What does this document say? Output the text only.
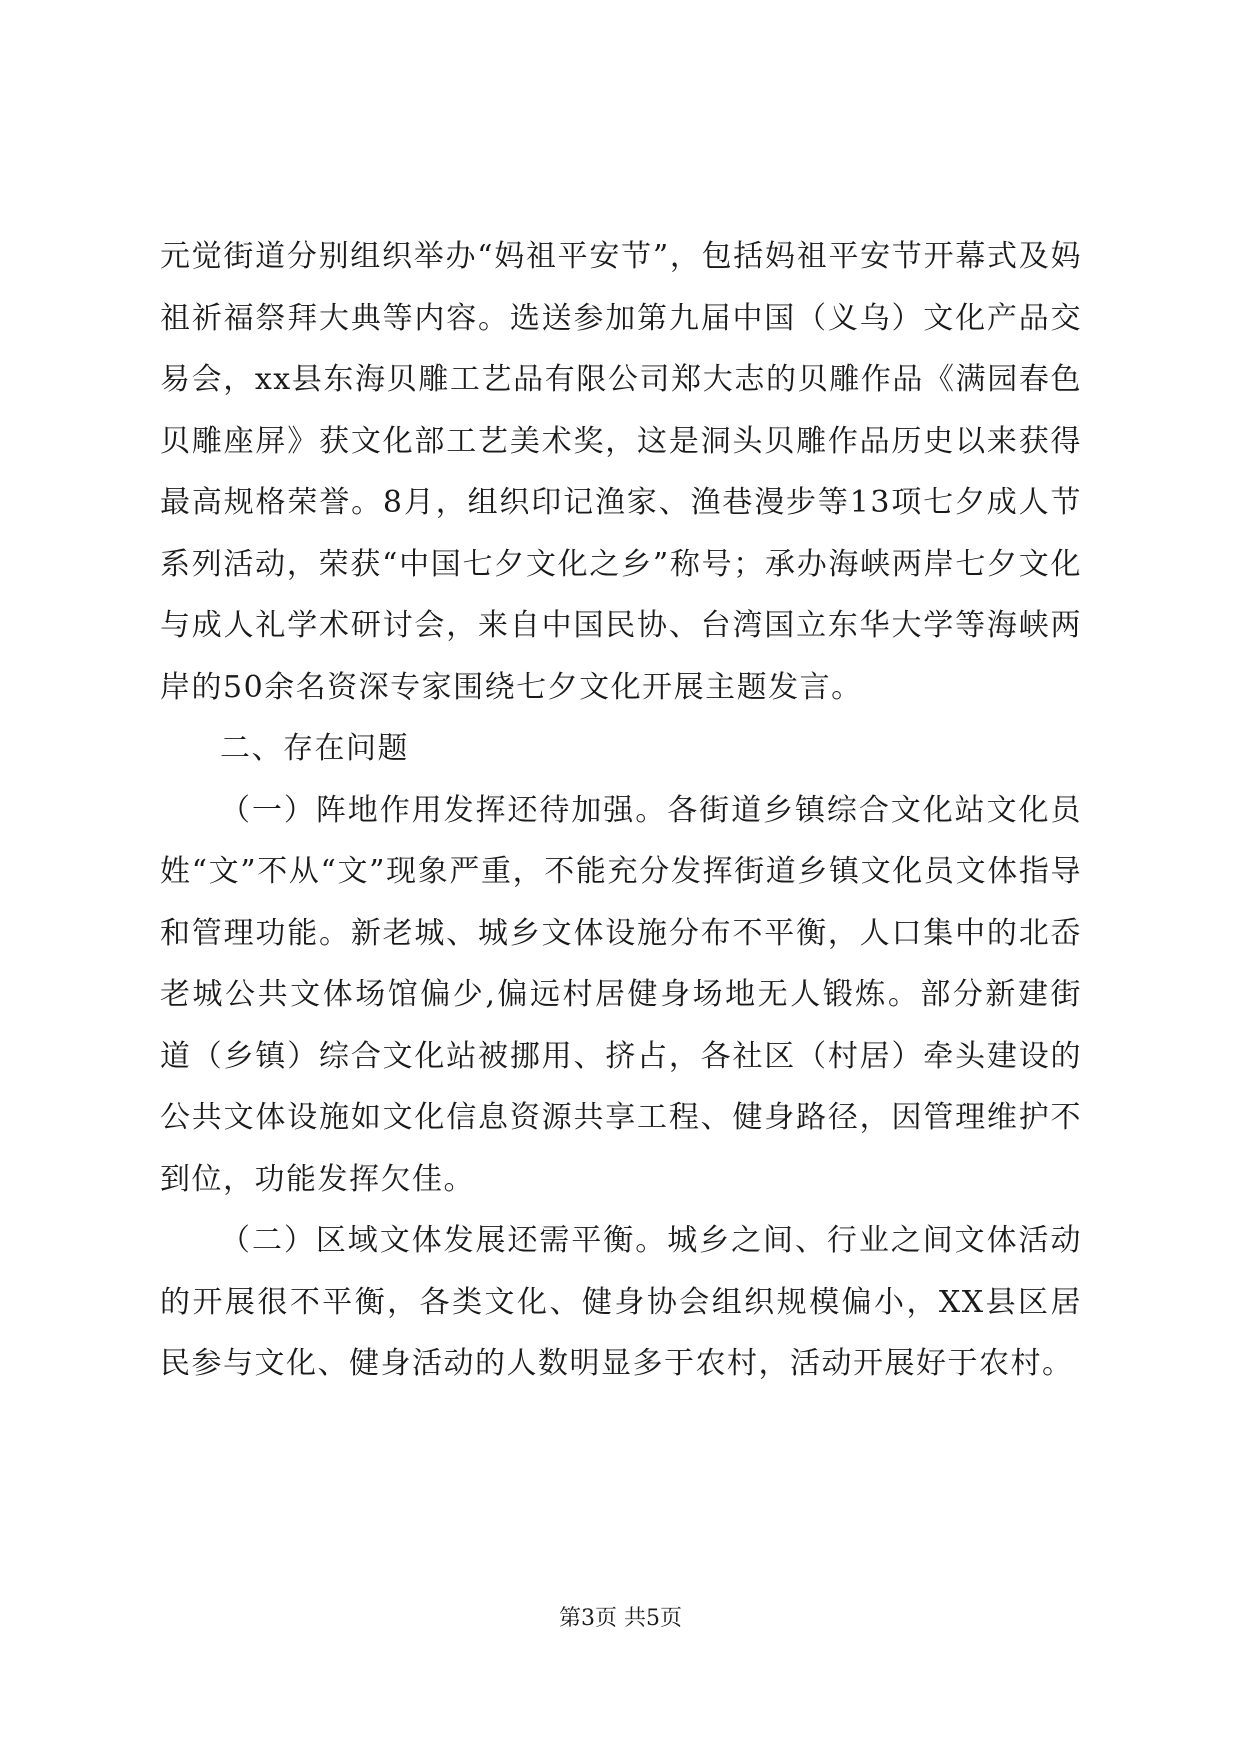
元觉街道分别组织举办“妈祖平安节”，包括妈祖平安节开幕式及妈祖祈福祭拜大典等内容。选送参加第九届中国（义乌）文化产品交易会，xx县东海贝雕工艺品有限公司郑大志的贝雕作品《满园春色贝雕座屏》获文化部工艺美术奖，这是洞头贝雕作品历史以来获得最高规格荣誉。8月，组织印记渔家、渔巷漫步等13项七夕成人节系列活动，荣获“中国七夕文化之乡”称号；承办海峡两岸七夕文化与成人礼学术研讨会，来自中国民协、台湾国立东华大学等海峡两岸的50余名资深专家围绕七夕文化开展主题发言。

二、存在问题

（一）阵地作用发挥还待加强。各街道乡镇综合文化站文化员姓“文”不从“文”现象严重，不能充分发挥街道乡镇文化员文体指导和管理功能。新老城、城乡文体设施分布不平衡，人口集中的北岙老城公共文体场馆偏少,偏远村居健身场地无人锻炼。部分新建街道（乡镇）综合文化站被挪用、挤占，各社区（村居）牵头建设的公共文体设施如文化信息资源共享工程、健身路径，因管理维护不到位，功能发挥欠佳。

（二）区域文体发展还需平衡。城乡之间、行业之间文体活动的开展很不平衡，各类文化、健身协会组织规模偏小，XX县区居民参与文化、健身活动的人数明显多于农村，活动开展好于农村。

第3页 共5页
